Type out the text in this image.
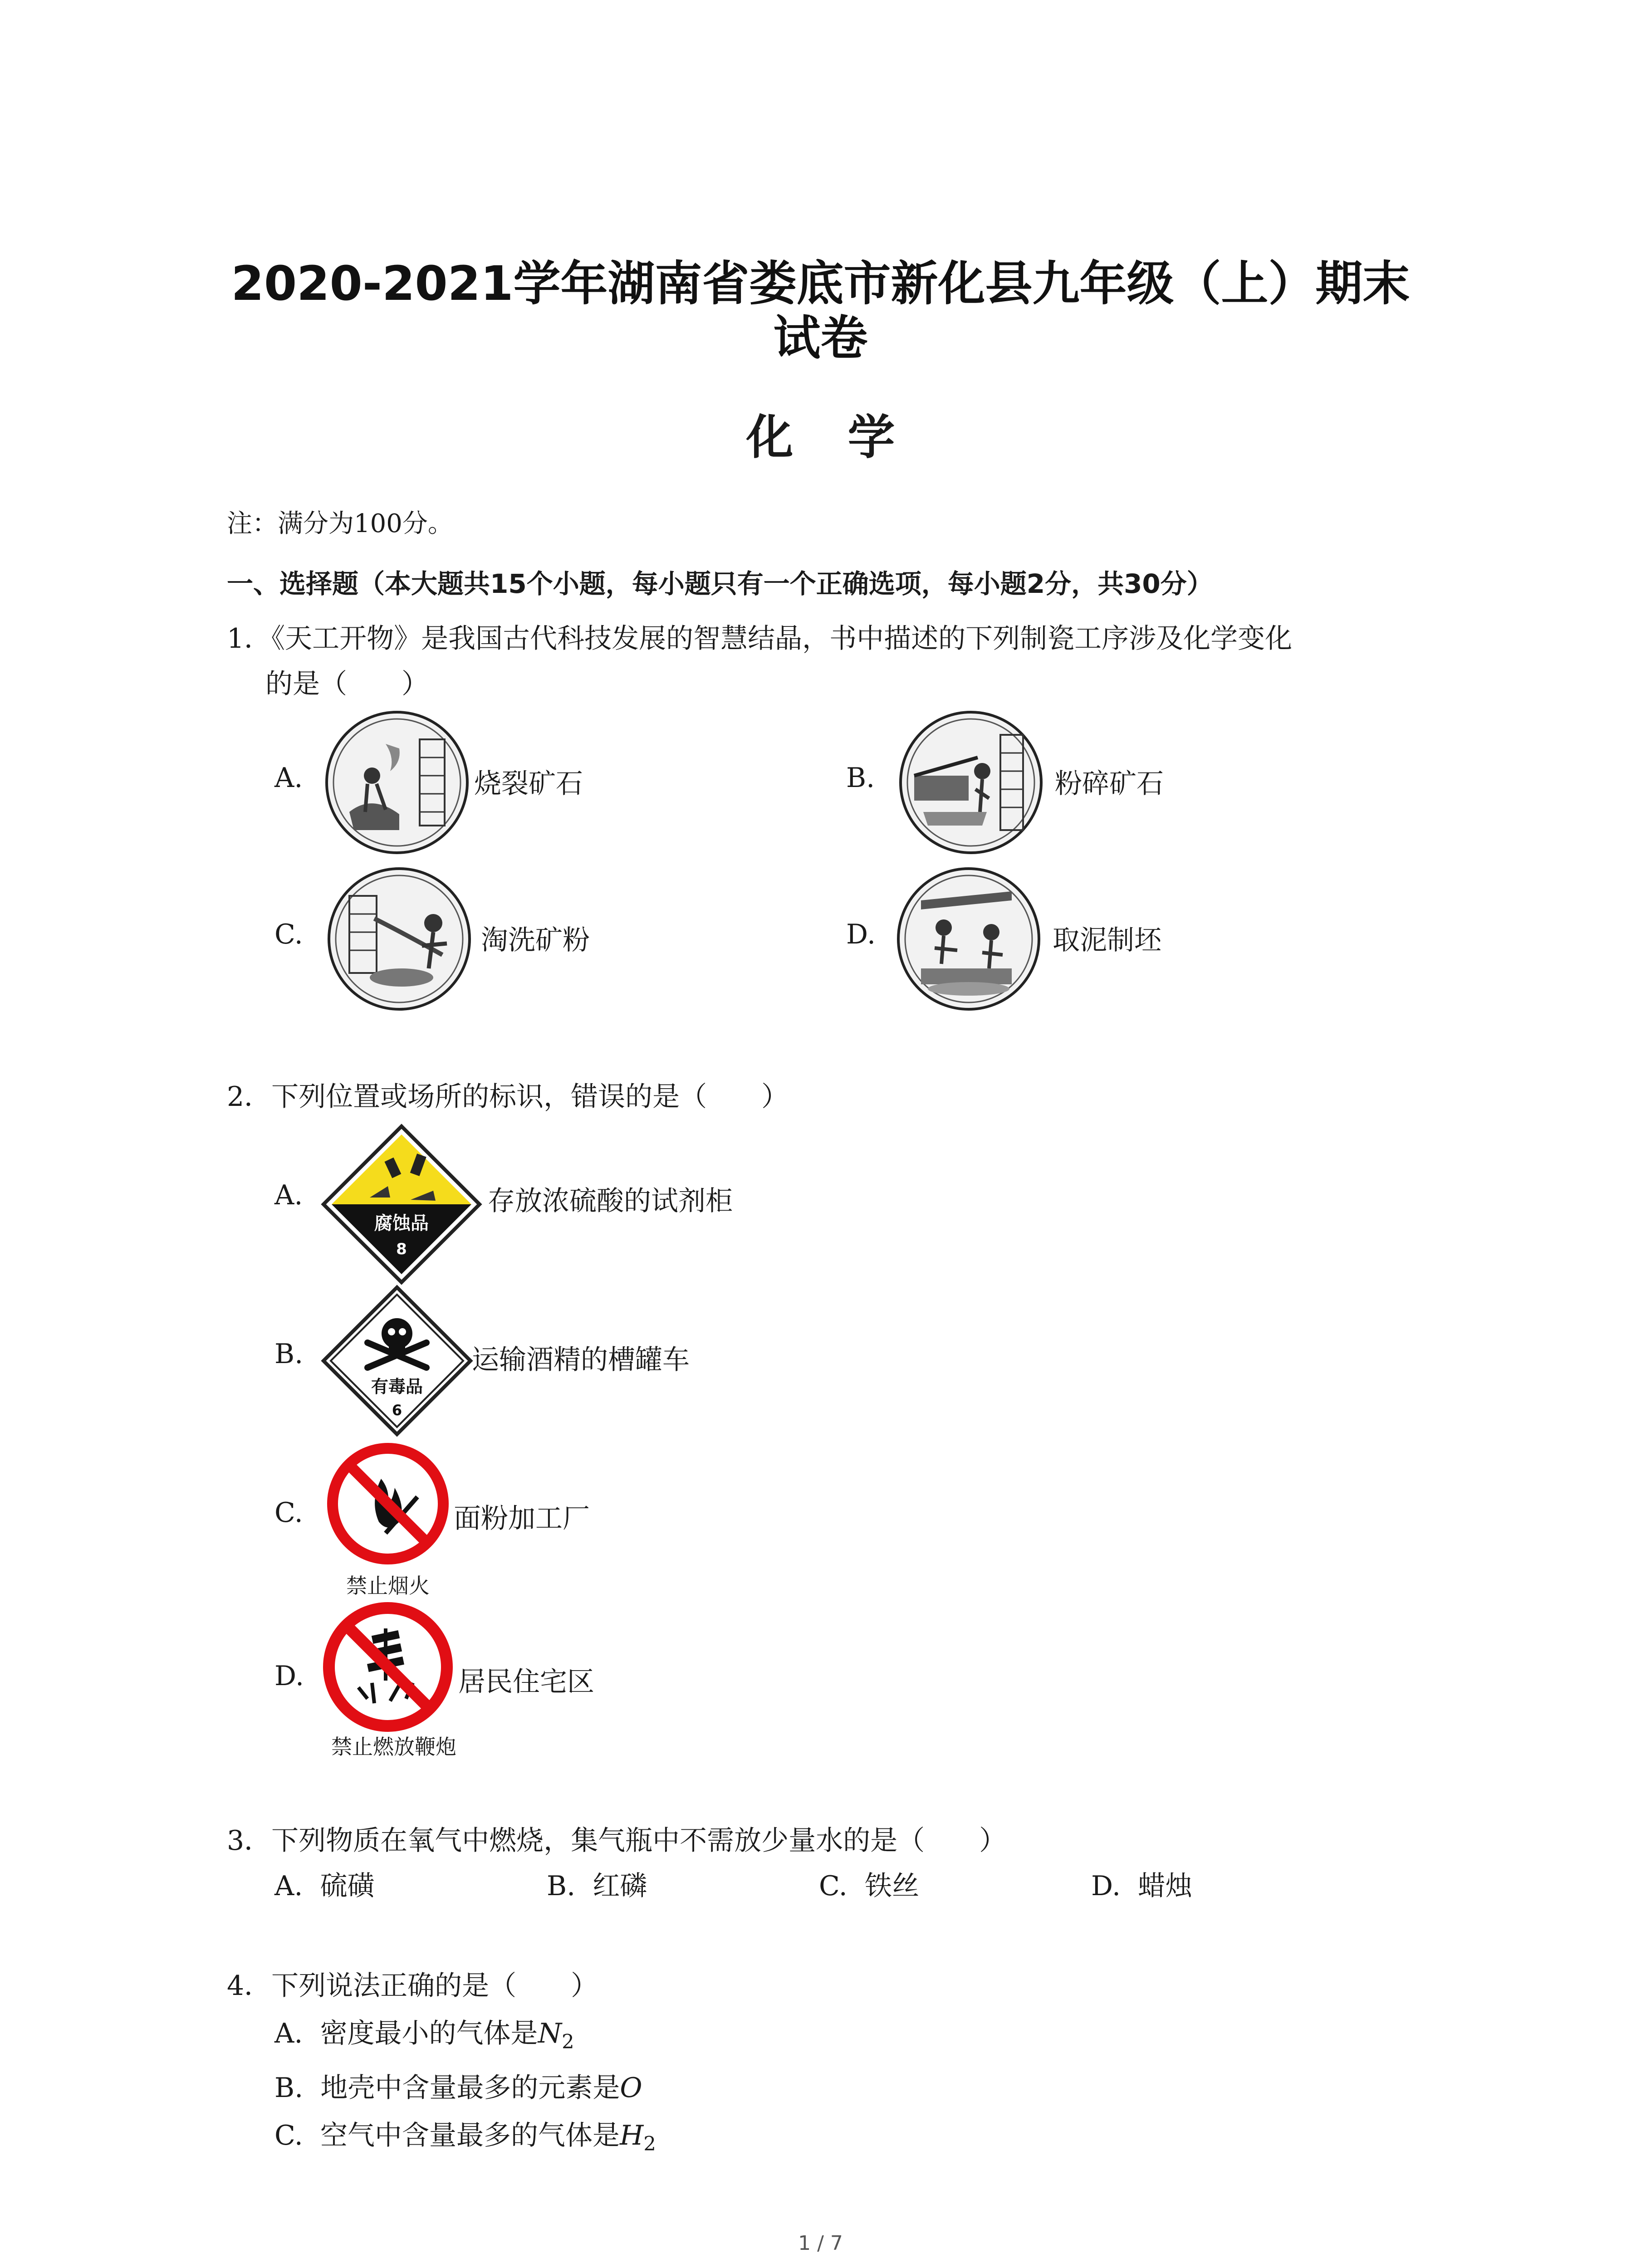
2020-2021学年湖南省娄底市新化县九年级（上）期末
试卷
化学
注：满分为100分。
一、选择题（本大题共15个小题，每小题只有一个正确选项，每小题2分，共30分）
1．《天工开物》是我国古代科技发展的智慧结晶，书中描述的下列制瓷工序涉及化学变化
的是（　　）
A.	烧裂矿石	B.	粉碎矿石
C.	淘洗矿粉	D.	取泥制坯
2．下列位置或场所的标识，错误的是（　　）
A.
腐蚀品
8
存放浓硫酸的试剂柜
B.
有毒品
6
运输酒精的槽罐车
C.
禁止烟火
面粉加工厂
D.
禁止燃放鞭炮
居民住宅区
3．下列物质在氧气中燃烧，集气瓶中不需放少量水的是（　　）
A. 硫磺	B. 红磷	C. 铁丝	D. 蜡烛
4．下列说法正确的是（　　）
A. 密度最小的气体是$N_2$
B. 地壳中含量最多的元素是O
C. 空气中含量最多的气体是$H_2$
1 / 7
